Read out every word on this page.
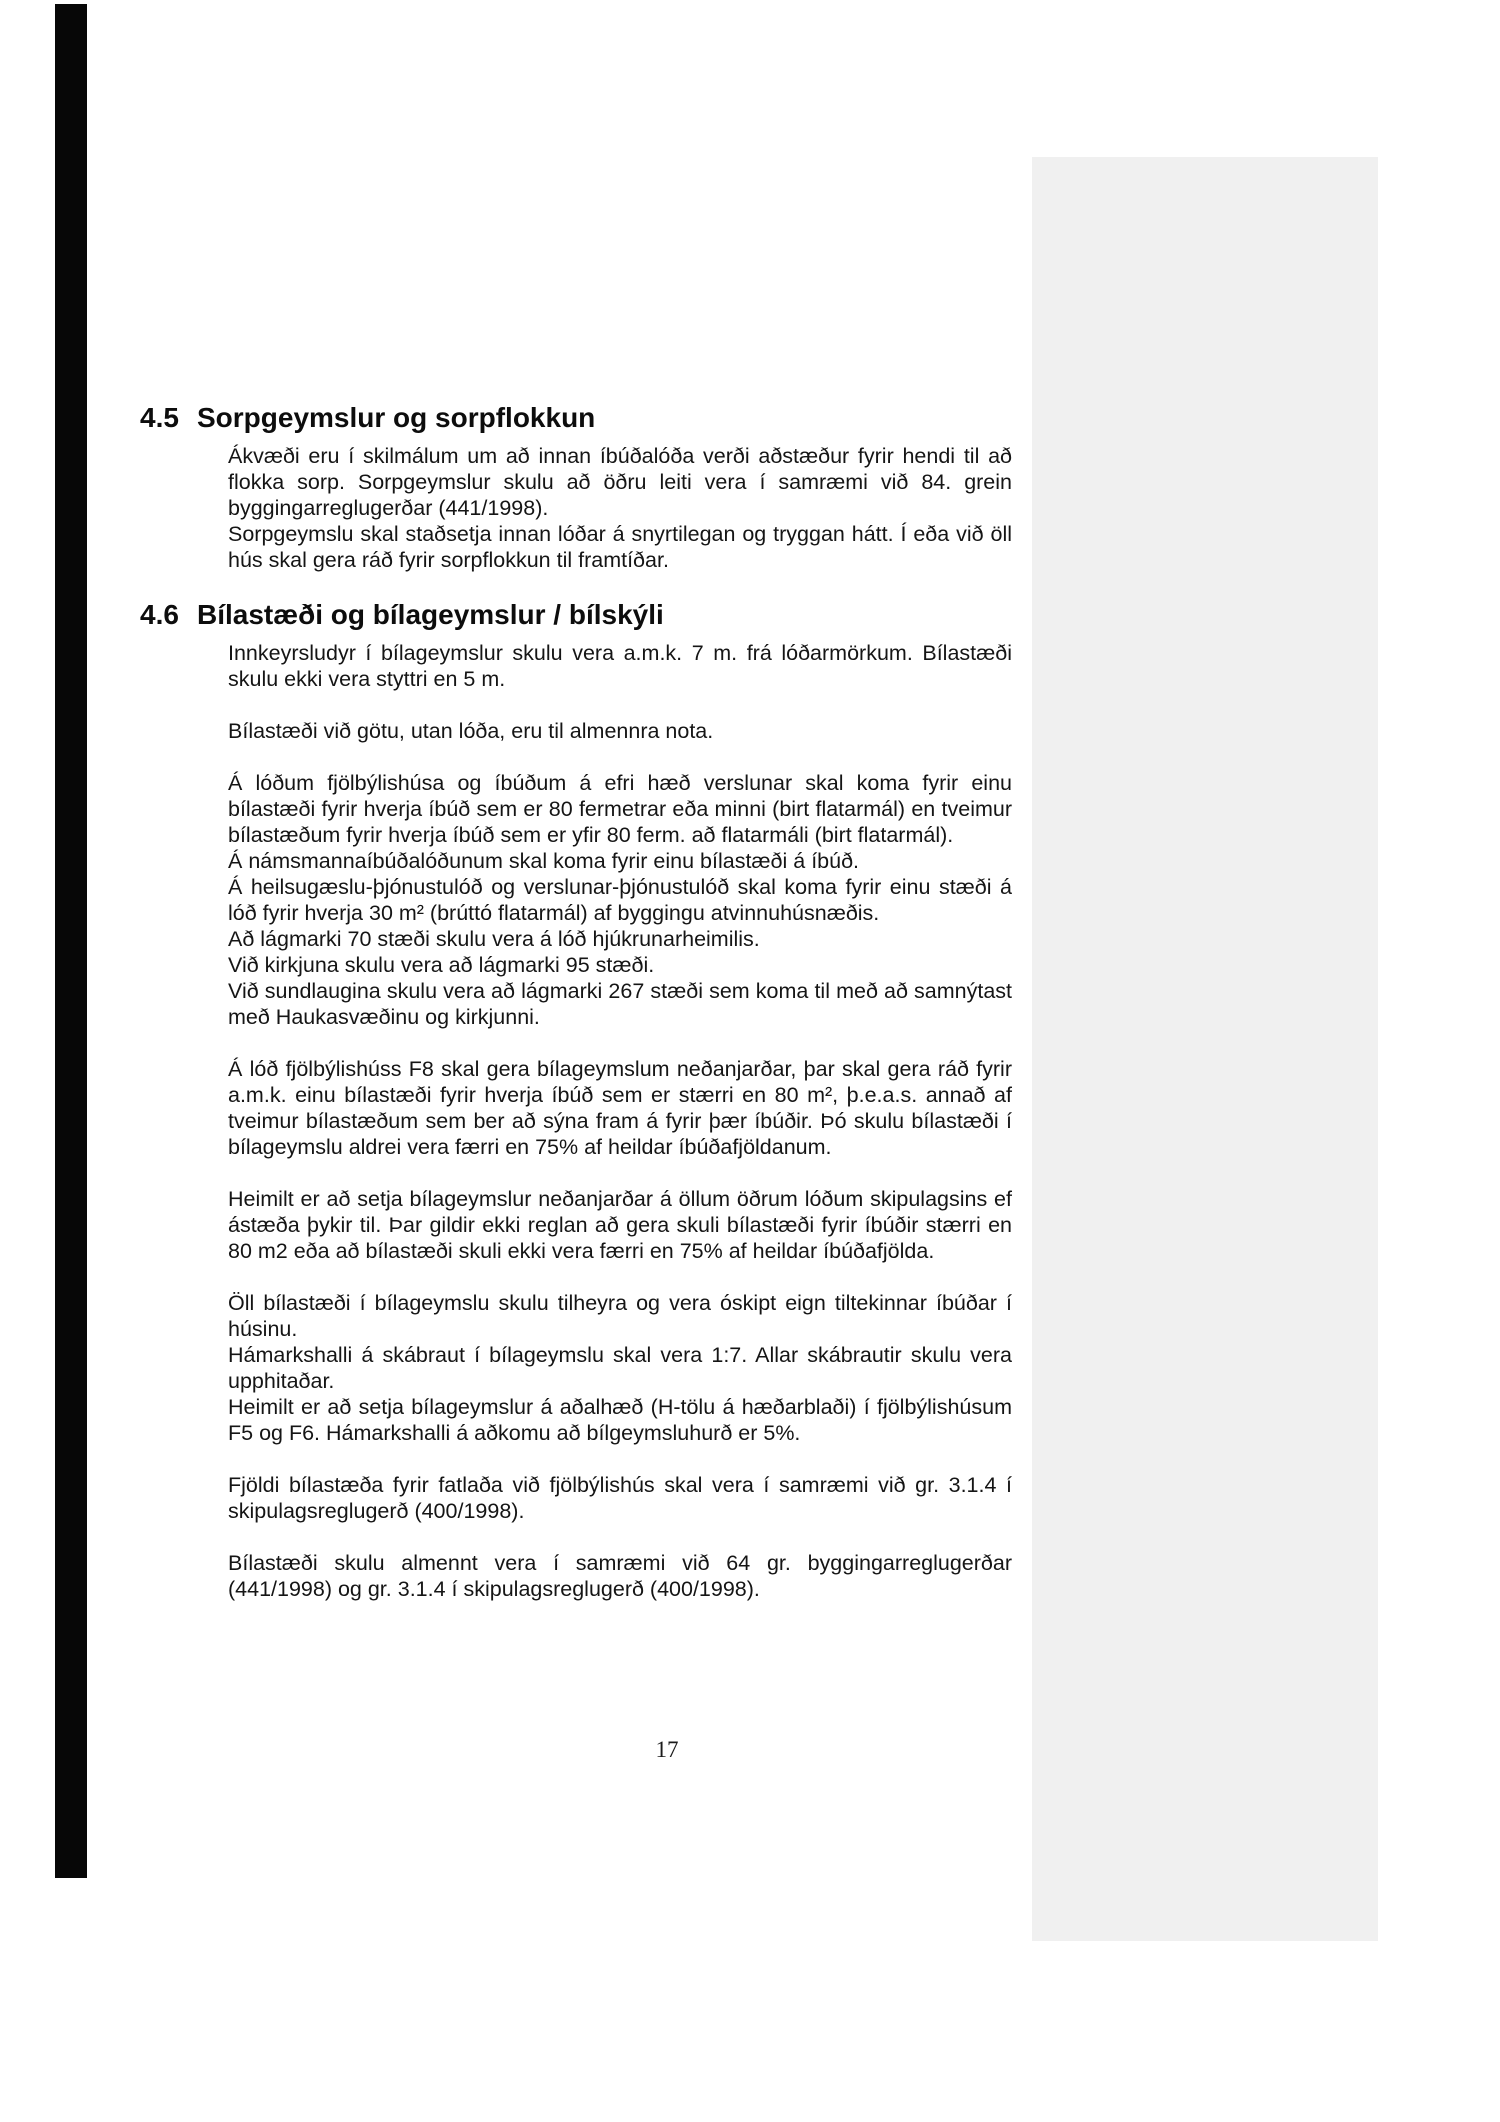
4.5 Sorpgeymslur og sorpflokkun

Ákvæði eru í skilmálum um að innan íbúðalóða verði aðstæður fyrir hendi til að flokka sorp. Sorpgeymslur skulu að öðru leiti vera í samræmi við 84. grein byggingarreglugerðar (441/1998).

Sorpgeymslu skal staðsetja innan lóðar á snyrtilegan og tryggan hátt. Í eða við öll hús skal gera ráð fyrir sorpflokkun til framtíðar.

4.6 Bílastæði og bílageymslur / bílskýli

Innkeyrsludyr í bílageymslur skulu vera a.m.k. 7 m. frá lóðarmörkum. Bílastæði skulu ekki vera styttri en 5 m.

Bílastæði við götu, utan lóða, eru til almennra nota.

Á lóðum fjölbýlishúsa og íbúðum á efri hæð verslunar skal koma fyrir einu bílastæði fyrir hverja íbúð sem er 80 fermetrar eða minni (birt flatarmál) en tveimur bílastæðum fyrir hverja íbúð sem er yfir 80 ferm. að flatarmáli (birt flatarmál).

Á námsmannaíbúðalóðunum skal koma fyrir einu bílastæði á íbúð.

Á heilsugæslu-þjónustulóð og verslunar-þjónustulóð skal koma fyrir einu stæði á lóð fyrir hverja 30 m² (brúttó flatarmál) af byggingu atvinnuhúsnæðis.

Að lágmarki 70 stæði skulu vera á lóð hjúkrunarheimilis.

Við kirkjuna skulu vera að lágmarki 95 stæði.

Við sundlaugina skulu vera að lágmarki 267 stæði sem koma til með að samnýtast með Haukasvæðinu og kirkjunni.

Á lóð fjölbýlishúss F8 skal gera bílageymslum neðanjarðar, þar skal gera ráð fyrir a.m.k. einu bílastæði fyrir hverja íbúð sem er stærri en 80 m², þ.e.a.s. annað af tveimur bílastæðum sem ber að sýna fram á fyrir þær íbúðir. Þó skulu bílastæði í bílageymslu aldrei vera færri en 75% af heildar íbúðafjöldanum.

Heimilt er að setja bílageymslur neðanjarðar á öllum öðrum lóðum skipulagsins ef ástæða þykir til. Þar gildir ekki reglan að gera skuli bílastæði fyrir íbúðir stærri en 80 m2 eða að bílastæði skuli ekki vera færri en 75% af heildar íbúðafjölda.

Öll bílastæði í bílageymslu skulu tilheyra og vera óskipt eign tiltekinnar íbúðar í húsinu.

Hámarkshalli á skábraut í bílageymslu skal vera 1:7. Allar skábrautir skulu vera upphitaðar.

Heimilt er að setja bílageymslur á aðalhæð (H-tölu á hæðarblaði) í fjölbýlishúsum F5 og F6. Hámarkshalli á aðkomu að bílgeymsluhurð er 5%.

Fjöldi bílastæða fyrir fatlaða við fjölbýlishús skal vera í samræmi við gr. 3.1.4 í skipulagsreglugerð (400/1998).

Bílastæði skulu almennt vera í samræmi við 64 gr. byggingarreglugerðar (441/1998) og gr. 3.1.4 í skipulagsreglugerð (400/1998).

17
